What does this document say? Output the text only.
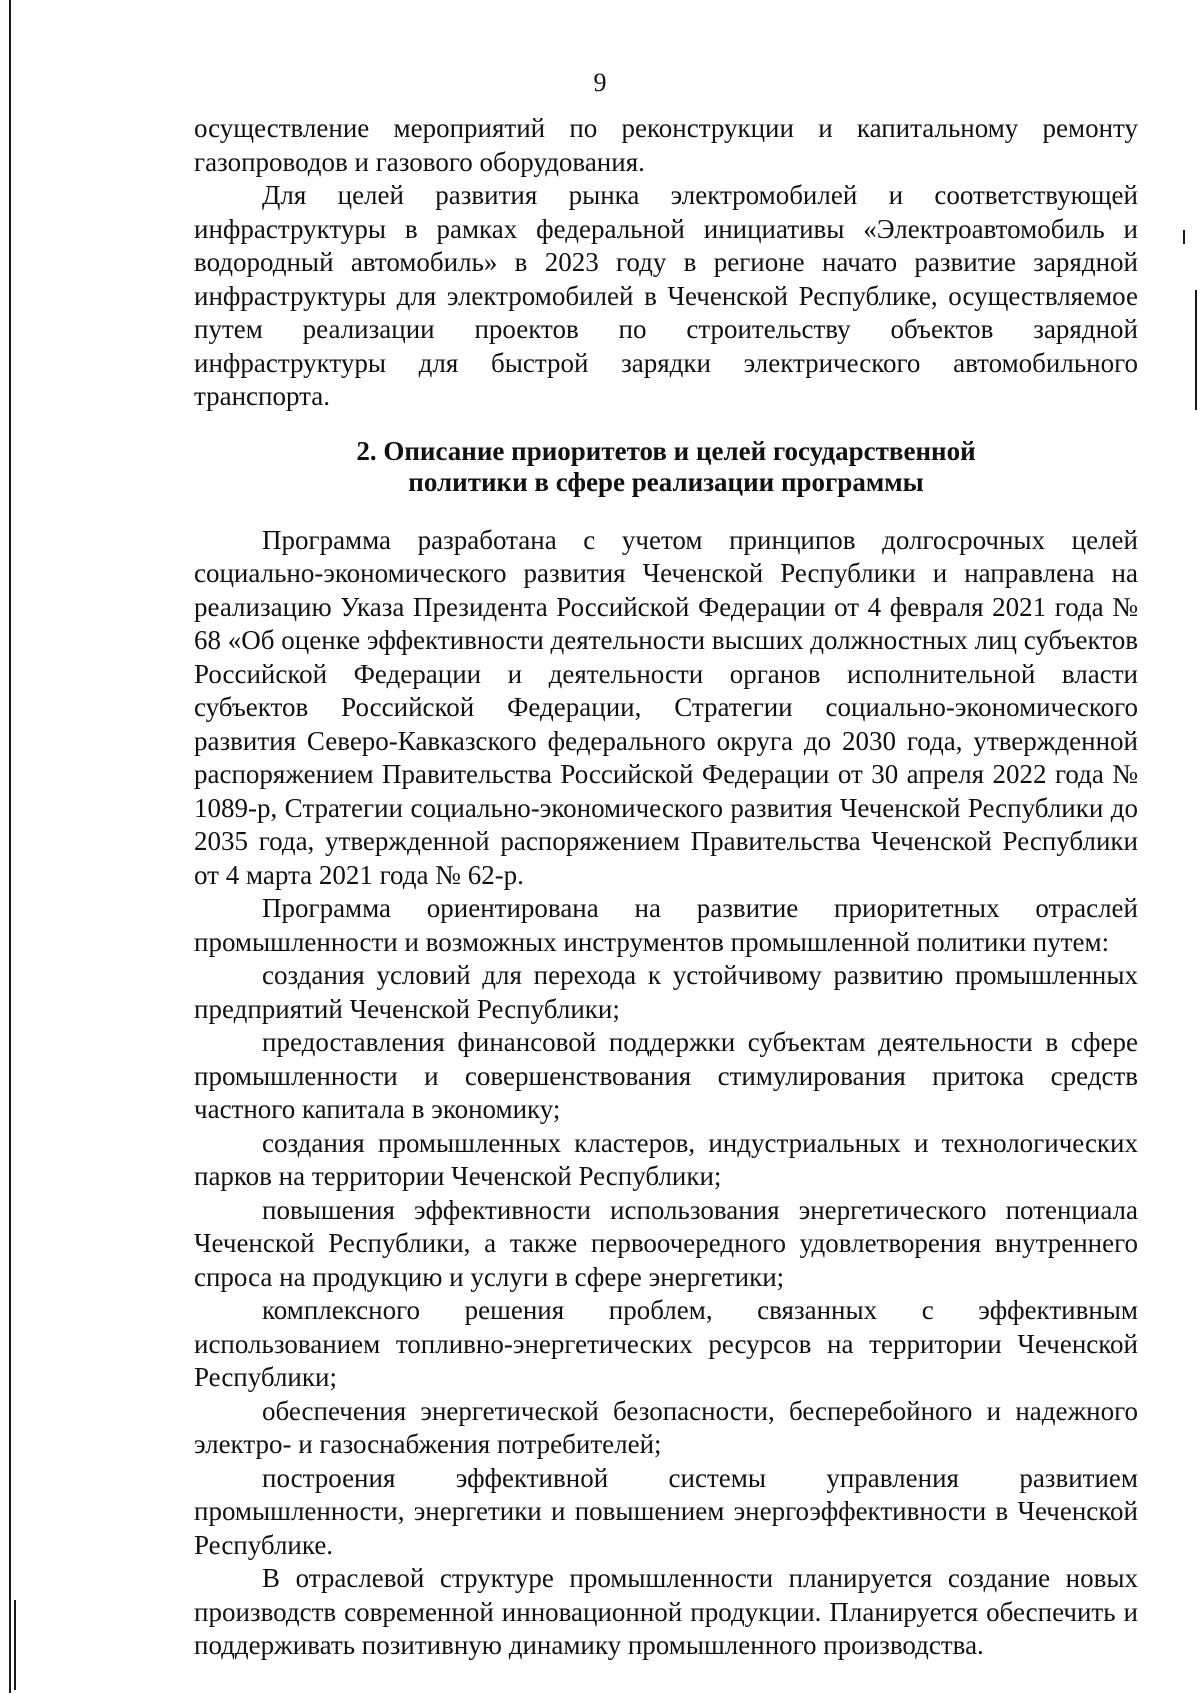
9

осуществление мероприятий по реконструкции и капитальному ремонту газопроводов и газового оборудования.

Для целей развития рынка электромобилей и соответствующей инфраструктуры в рамках федеральной инициативы «Электроавтомобиль и водородный автомобиль» в 2023 году в регионе начато развитие зарядной инфраструктуры для электромобилей в Чеченской Республике, осуществляемое путем реализации проектов по строительству объектов зарядной инфраструктуры для быстрой зарядки электрического автомобильного транспорта.

2. Описание приоритетов и целей государственной
политики в сфере реализации программы

Программа разработана с учетом принципов долгосрочных целей социально-экономического развития Чеченской Республики и направлена на реализацию Указа Президента Российской Федерации от 4 февраля 2021 года № 68 «Об оценке эффективности деятельности высших должностных лиц субъектов Российской Федерации и деятельности органов исполнительной власти субъектов Российской Федерации, Стратегии социально-экономического развития Северо-Кавказского федерального округа до 2030 года, утвержденной распоряжением Правительства Российской Федерации от 30 апреля 2022 года № 1089-р, Стратегии социально-экономического развития Чеченской Республики до 2035 года, утвержденной распоряжением Правительства Чеченской Республики от 4 марта 2021 года № 62-р.

Программа ориентирована на развитие приоритетных отраслей промышленности и возможных инструментов промышленной политики путем:

создания условий для перехода к устойчивому развитию промышленных предприятий Чеченской Республики;

предоставления финансовой поддержки субъектам деятельности в сфере промышленности и совершенствования стимулирования притока средств частного капитала в экономику;

создания промышленных кластеров, индустриальных и технологических парков на территории Чеченской Республики;

повышения эффективности использования энергетического потенциала Чеченской Республики, а также первоочередного удовлетворения внутреннего спроса на продукцию и услуги в сфере энергетики;

комплексного решения проблем, связанных с эффективным использованием топливно-энергетических ресурсов на территории Чеченской Республики;

обеспечения энергетической безопасности, бесперебойного и надежного электро- и газоснабжения потребителей;

построения эффективной системы управления развитием промышленности, энергетики и повышением энергоэффективности в Чеченской Республике.

В отраслевой структуре промышленности планируется создание новых производств современной инновационной продукции. Планируется обеспечить и поддерживать позитивную динамику промышленного производства.
